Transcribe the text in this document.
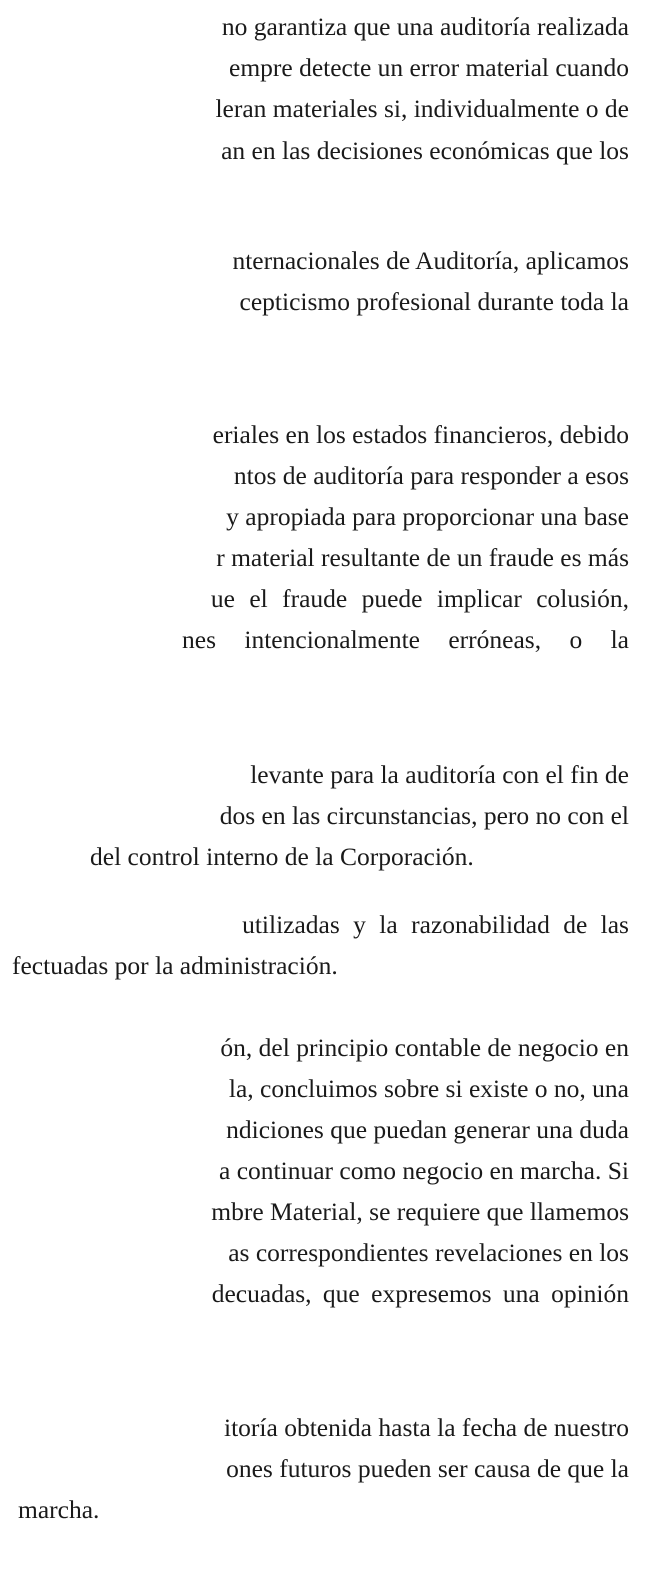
no garantiza que una auditoría realizada
empre detecte un error material cuando
leran materiales si, individualmente o de
an en las decisiones económicas que los
nternacionales de Auditoría, aplicamos
cepticismo profesional durante toda la
eriales en los estados financieros, debido
ntos de auditoría para responder a esos
y apropiada para proporcionar una base
r material resultante de un fraude es más
ue el fraude puede implicar colusión,
nes intencionalmente erróneas, o la
levante para la auditoría con el fin de
dos en las circunstancias, pero no con el
del control interno de la Corporación.
utilizadas y la razonabilidad de las
fectuadas por la administración.
ón, del principio contable de negocio en
la, concluimos sobre si existe o no, una
ndiciones que puedan generar una duda
a continuar como negocio en marcha. Si
mbre Material, se requiere que llamemos
as correspondientes revelaciones en los
decuadas, que expresemos una opinión
itoría obtenida hasta la fecha de nuestro
ones futuros pueden ser causa de que la
marcha.
